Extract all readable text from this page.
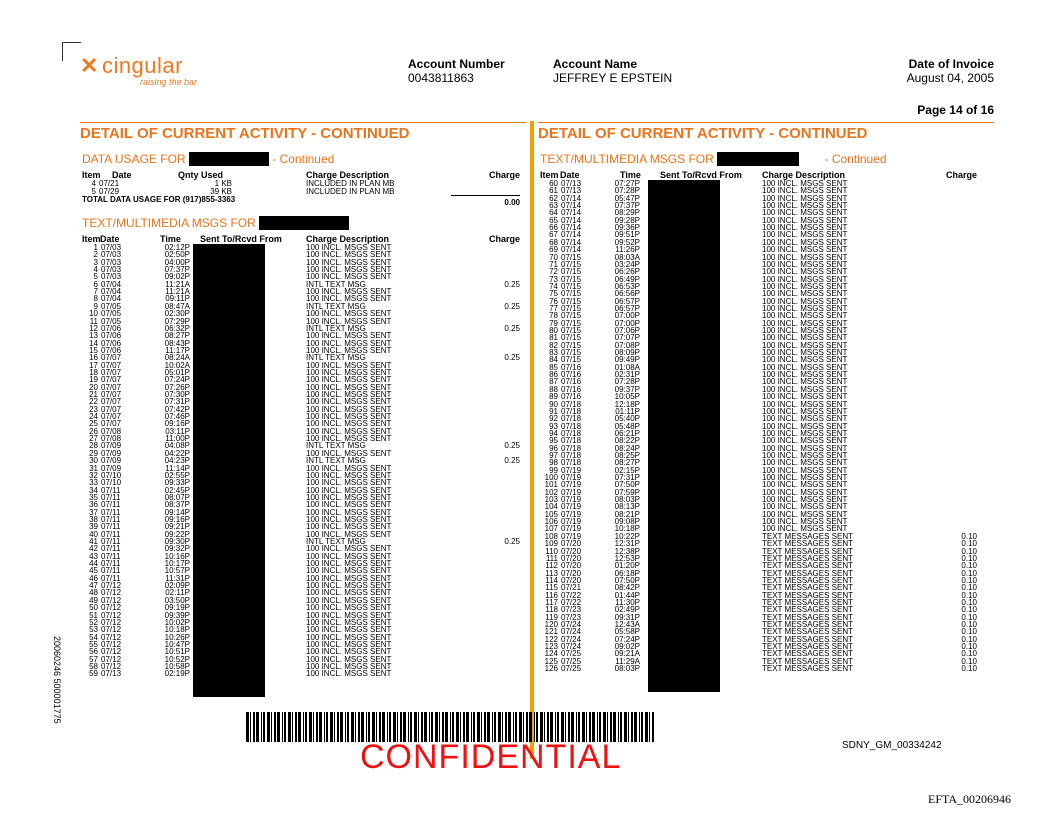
✕ cingular
raising the bar
Account Number
0043811863
Account Name
JEFFREY E EPSTEIN
Date of Invoice
August 04, 2005
Page 14 of 16
DETAIL OF CURRENT ACTIVITY - CONTINUED	DETAIL OF CURRENT ACTIVITY - CONTINUED
DATA USAGE FOR	- Continued
Item Date	Qnty Used	Charge Description	Charge
4 07/21	1 KB	INCLUDED IN PLAN MB
5 07/29	39 KB	INCLUDED IN PLAN MB
TOTAL DATA USAGE FOR (917)855-3363	0.00
TEXT/MULTIMEDIA MSGS FOR
Item Date	Time Sent To/Rcvd From	Charge Description	Charge
1 07/03	02:12P	100 INCL. MSGS SENT
2 07/03	02:50P	100 INCL. MSGS SENT
3 07/03	04:00P	100 INCL. MSGS SENT
4 07/03	07:37P	100 INCL. MSGS SENT
5 07/03	09:02P	100 INCL. MSGS SENT
6 07/04	11:21A	INTL TEXT MSG	0.25
7 07/04	11:21A	100 INCL. MSGS SENT
8 07/04	09:11P	100 INCL. MSGS SENT
9 07/05	08:47A	INTL TEXT MSG	0.25
10 07/05	02:30P	100 INCL. MSGS SENT
11 07/05	07:29P	100 INCL. MSGS SENT
12 07/06	06:32P	INTL TEXT MSG	0.25
13 07/06	08:27P	100 INCL. MSGS SENT
14 07/06	08:43P	100 INCL. MSGS SENT
15 07/06	11:17P	100 INCL. MSGS SENT
16 07/07	08:24A	INTL TEXT MSG	0.25
17 07/07	10:02A	100 INCL. MSGS SENT
18 07/07	05:01P	100 INCL. MSGS SENT
19 07/07	07:24P	100 INCL. MSGS SENT
20 07/07	07:26P	100 INCL. MSGS SENT
21 07/07	07:30P	100 INCL. MSGS SENT
22 07/07	07:31P	100 INCL. MSGS SENT
23 07/07	07:42P	100 INCL. MSGS SENT
24 07/07	07:46P	100 INCL. MSGS SENT
25 07/07	09:16P	100 INCL. MSGS SENT
26 07/08	03:11P	100 INCL. MSGS SENT
27 07/08	11:00P	100 INCL. MSGS SENT
28 07/09	04:08P	INTL TEXT MSG	0.25
29 07/09	04:22P	100 INCL. MSGS SENT
30 07/09	04:23P	INTL TEXT MSG	0.25
31 07/09	11:14P	100 INCL. MSGS SENT
32 07/10	02:55P	100 INCL. MSGS SENT
33 07/10	09:33P	100 INCL. MSGS SENT
34 07/11	02:45P	100 INCL. MSGS SENT
35 07/11	08:07P	100 INCL. MSGS SENT
36 07/11	08:37P	100 INCL. MSGS SENT
37 07/11	09:14P	100 INCL. MSGS SENT
38 07/11	09:16P	100 INCL. MSGS SENT
39 07/11	09:21P	100 INCL. MSGS SENT
40 07/11	09:22P	100 INCL. MSGS SENT
41 07/11	09:30P	INTL TEXT MSG	0.25
42 07/11	09:32P	100 INCL. MSGS SENT
43 07/11	10:16P	100 INCL. MSGS SENT
44 07/11	10:17P	100 INCL. MSGS SENT
45 07/11	10:57P	100 INCL. MSGS SENT
46 07/11	11:31P	100 INCL. MSGS SENT
47 07/12	02:09P	100 INCL. MSGS SENT
48 07/12	02:11P	100 INCL. MSGS SENT
49 07/12	03:50P	100 INCL. MSGS SENT
50 07/12	09:19P	100 INCL. MSGS SENT
51 07/12	09:39P	100 INCL. MSGS SENT
52 07/12	10:02P	100 INCL. MSGS SENT
53 07/12	10:18P	100 INCL. MSGS SENT
54 07/12	10:26P	100 INCL. MSGS SENT
55 07/12	10:47P	100 INCL. MSGS SENT
56 07/12	10:51P	100 INCL. MSGS SENT
57 07/12	10:52P	100 INCL. MSGS SENT
58 07/12	10:58P	100 INCL. MSGS SENT
59 07/13	02:19P	100 INCL. MSGS SENT
TEXT/MULTIMEDIA MSGS FOR	- Continued
Item Date	Time Sent To/Rcvd From Charge Description	Charge
60 07/13	07:27P	100 INCL. MSGS SENT
61 07/13	07:28P	100 INCL. MSGS SENT
62 07/14	05:47P	100 INCL. MSGS SENT
63 07/14	07:37P	100 INCL. MSGS SENT
64 07/14	08:29P	100 INCL. MSGS SENT
65 07/14	09:28P	100 INCL. MSGS SENT
66 07/14	09:36P	100 INCL. MSGS SENT
67 07/14	09:51P	100 INCL. MSGS SENT
68 07/14	09:52P	100 INCL. MSGS SENT
69 07/14	11:26P	100 INCL. MSGS SENT
70 07/15	08:03A	100 INCL. MSGS SENT
71 07/15	03:24P	100 INCL. MSGS SENT
72 07/15	06:26P	100 INCL. MSGS SENT
73 07/15	06:49P	100 INCL. MSGS SENT
74 07/15	06:53P	100 INCL. MSGS SENT
75 07/15	06:56P	100 INCL. MSGS SENT
76 07/15	06:57P	100 INCL. MSGS SENT
77 07/15	06:57P	100 INCL. MSGS SENT
78 07/15	07:00P	100 INCL. MSGS SENT
79 07/15	07:00P	100 INCL. MSGS SENT
80 07/15	07:06P	100 INCL. MSGS SENT
81 07/15	07:07P	100 INCL. MSGS SENT
82 07/15	07:08P	100 INCL. MSGS SENT
83 07/15	08:09P	100 INCL. MSGS SENT
84 07/15	09:49P	100 INCL. MSGS SENT
85 07/16	01:08A	100 INCL. MSGS SENT
86 07/16	02:31P	100 INCL. MSGS SENT
87 07/16	07:28P	100 INCL. MSGS SENT
88 07/16	09:37P	100 INCL. MSGS SENT
89 07/16	10:05P	100 INCL. MSGS SENT
90 07/18	12:18P	100 INCL. MSGS SENT
91 07/18	01:11P	100 INCL. MSGS SENT
92 07/18	05:40P	100 INCL. MSGS SENT
93 07/18	05:48P	100 INCL. MSGS SENT
94 07/18	06:21P	100 INCL. MSGS SENT
95 07/18	08:22P	100 INCL. MSGS SENT
96 07/18	08:24P	100 INCL. MSGS SENT
97 07/18	08:25P	100 INCL. MSGS SENT
98 07/18	08:27P	100 INCL. MSGS SENT
99 07/19	02:15P	100 INCL. MSGS SENT
100 07/19	07:31P	100 INCL. MSGS SENT
101 07/19	07:50P	100 INCL. MSGS SENT
102 07/19	07:59P	100 INCL. MSGS SENT
103 07/19	08:03P	100 INCL. MSGS SENT
104 07/19	08:13P	100 INCL. MSGS SENT
105 07/19	08:21P	100 INCL. MSGS SENT
106 07/19	09:08P	100 INCL. MSGS SENT
107 07/19	10:18P	100 INCL. MSGS SENT
108 07/19	10:22P	TEXT MESSAGES SENT	0.10
109 07/20	12:31P	TEXT MESSAGES SENT	0.10
110 07/20	12:38P	TEXT MESSAGES SENT	0.10
111 07/20	12:53P	TEXT MESSAGES SENT	0.10
112 07/20	01:20P	TEXT MESSAGES SENT	0.10
113 07/20	06:18P	TEXT MESSAGES SENT	0.10
114 07/20	07:50P	TEXT MESSAGES SENT	0.10
115 07/21	08:42P	TEXT MESSAGES SENT	0.10
116 07/22	01:44P	TEXT MESSAGES SENT	0.10
117 07/22	11:30P	TEXT MESSAGES SENT	0.10
118 07/23	02:49P	TEXT MESSAGES SENT	0.10
119 07/23	09:31P	TEXT MESSAGES SENT	0.10
120 07/24	12:43A	TEXT MESSAGES SENT	0.10
121 07/24	05:58P	TEXT MESSAGES SENT	0.10
122 07/24	07:24P	TEXT MESSAGES SENT	0.10
123 07/24	09:02P	TEXT MESSAGES SENT	0.10
124 07/25	09:21A	TEXT MESSAGES SENT	0.10
125 07/25	11:29A	TEXT MESSAGES SENT	0.10
126 07/25	08:03P	TEXT MESSAGES SENT	0.10
CONFIDENTIAL	SDNY_GM_00334242
EFTA_00206946
20060246 500001775
